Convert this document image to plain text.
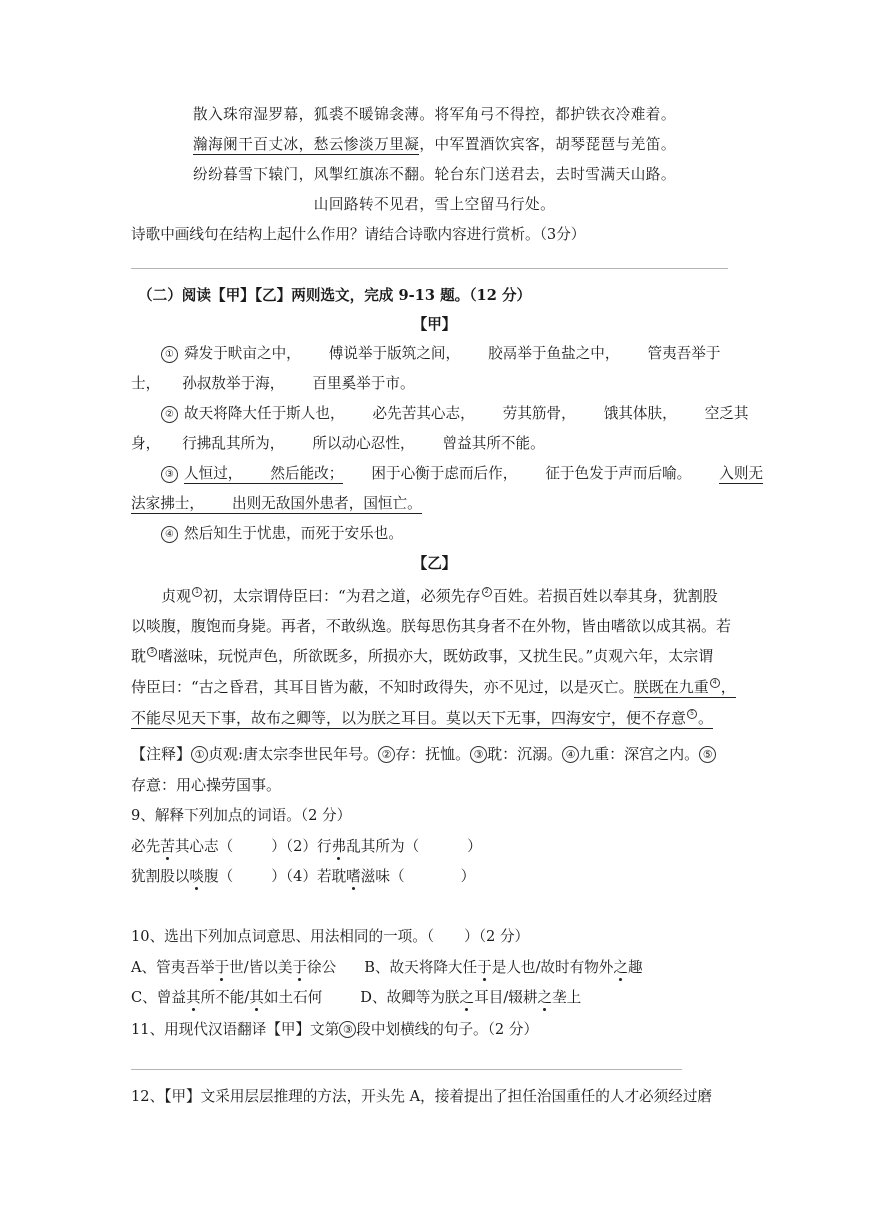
散入珠帘湿罗幕，狐裘不暖锦衾薄。将军角弓不得控，都护铁衣冷难着。
瀚海阑干百丈冰，愁云惨淡万里凝，中军置酒饮宾客，胡琴琵琶与羌笛。
纷纷暮雪下辕门，风掣红旗冻不翻。轮台东门送君去，去时雪满天山路。
山回路转不见君，雪上空留马行处。
诗歌中画线句在结构上起什么作用？请结合诗歌内容进行赏析。（3分）
（二）阅读【甲】【乙】两则选文，完成 9-13 题。（12 分）
【甲】
① 舜发于畎亩之中， 傅说举于版筑之间， 胶鬲举于鱼盐之中， 管夷吾举于
士， 孙叔敖举于海， 百里奚举于市。
② 故天将降大任于斯人也， 必先苦其心志， 劳其筋骨， 饿其体肤， 空乏其
身， 行拂乱其所为， 所以动心忍性， 曾益其所不能。
③ 人恒过， 然后能改； 困于心衡于虑而后作， 征于色发于声而后喻。 入则无
法家拂士， 出则无敌国外患者，国恒亡。
④ 然后知生于忧患，而死于安乐也。
【乙】
贞观 $^1$ 初，太宗谓侍臣曰：“为君之道，必须先存 $^2$ 百姓。若损百姓以奉其身，犹割股
以啖腹，腹饱而身毙。再者，不敢纵逸。朕每思伤其身者不在外物，皆由嗜欲以成其祸。若
耽 $^3$ 嗜滋味，玩悦声色，所欲既多，所损亦大，既妨政事，又扰生民。”贞观六年，太宗谓
侍臣曰：“古之昏君，其耳目皆为蔽，不知时政得失，亦不见过，以是灭亡。朕既在九重 $^4$ ，
不能尽见天下事，故布之卿等，以为朕之耳目。莫以天下无事，四海安宁，便不存意 $^5$ 。
【注释】 ① 贞观:唐太宗李世民年号。 ② 存：抚恤。 ③ 耽：沉溺。 ④ 九重：深宫之内。 ⑤
存意：用心操劳国事。
9、解释下列加点的词语。（2 分）
必先苦其心志（	）（2）行弗乱其所为（	）
犹割股以啖腹（	）（4）若耽嗜滋味（	）
10、选出下列加点词意思、用法相同的一项。（ ）（2 分）
A、管夷吾举于世/皆以美于徐公 B、故天将降大任于是人也/故时有物外之趣
C、曾益其所不能/其如土石何	D、故卿等为朕之耳目/辍耕之垄上
11、用现代汉语翻译【甲】文第 ③ 段中划横线的句子。（2 分）
12、【甲】文采用层层推理的方法，开头先 A，接着提出了担任治国重任的人才必须经过磨
